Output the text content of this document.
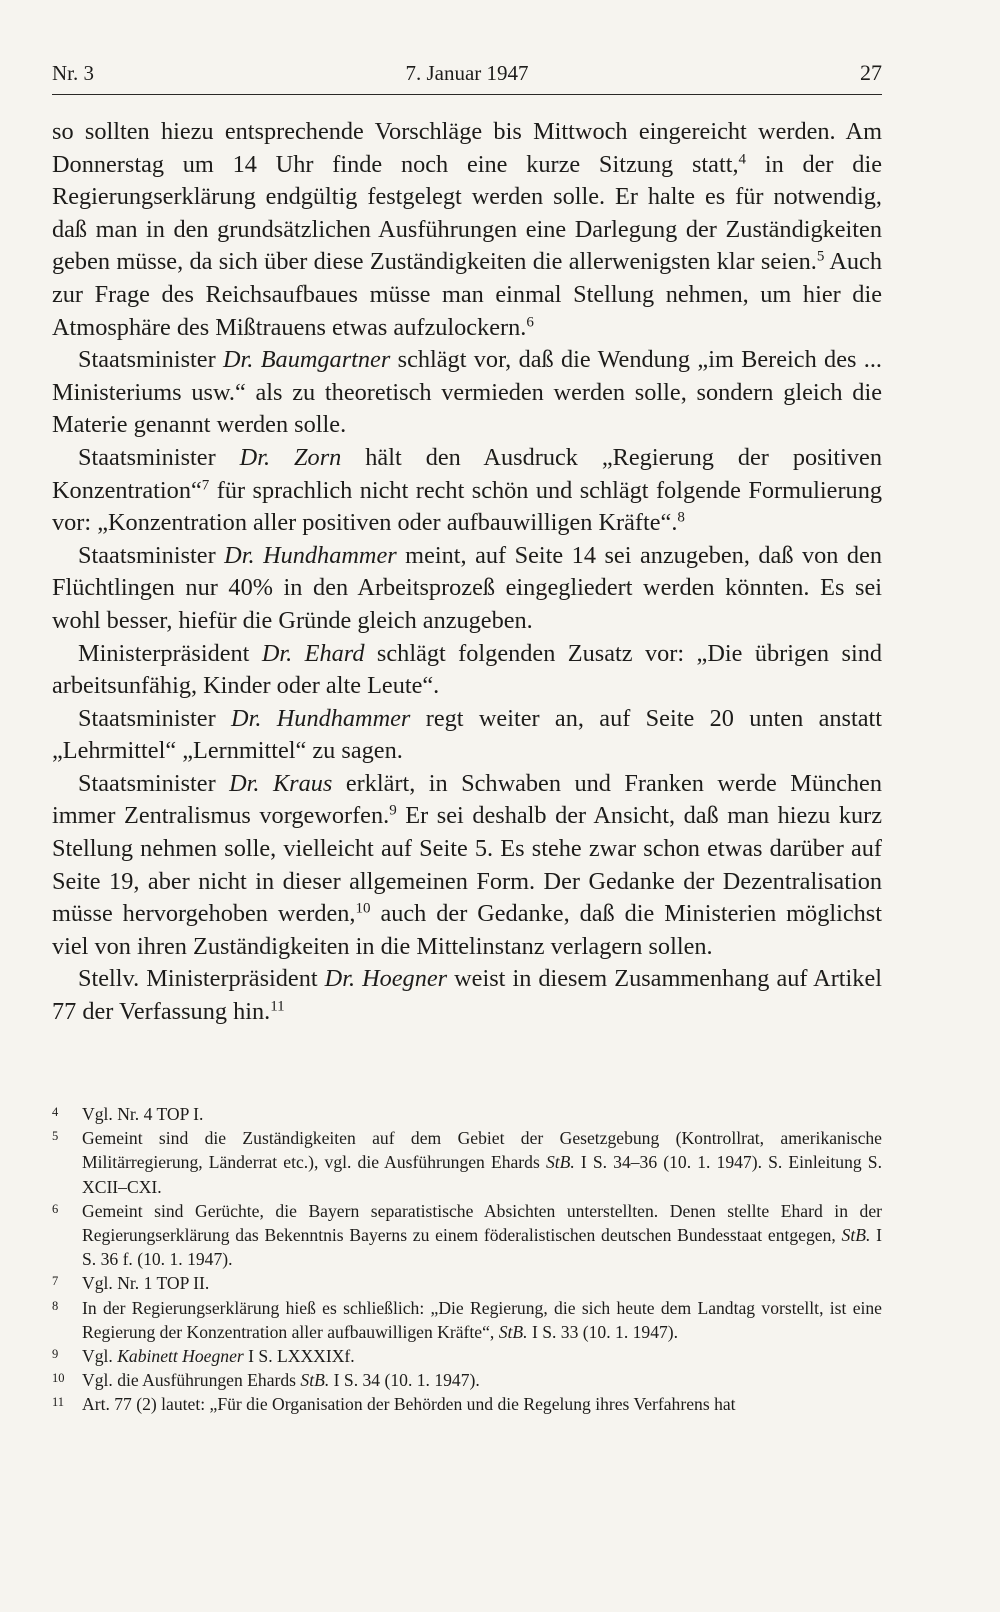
Nr. 3	7. Januar 1947	27

so sollten hiezu entsprechende Vorschläge bis Mittwoch eingereicht werden. Am Donnerstag um 14 Uhr finde noch eine kurze Sitzung statt,$^4$ in der die Regierungserklärung endgültig festgelegt werden solle. Er halte es für notwendig, daß man in den grundsätzlichen Ausführungen eine Darlegung der Zuständigkeiten geben müsse, da sich über diese Zuständigkeiten die allerwenigsten klar seien.$^5$ Auch zur Frage des Reichsaufbaues müsse man einmal Stellung nehmen, um hier die Atmosphäre des Mißtrauens etwas aufzulockern.$^6$

Staatsminister Dr. Baumgartner schlägt vor, daß die Wendung „im Bereich des ... Ministeriums usw.“ als zu theoretisch vermieden werden solle, sondern gleich die Materie genannt werden solle.

Staatsminister Dr. Zorn hält den Ausdruck „Regierung der positiven Konzentration“$^7$ für sprachlich nicht recht schön und schlägt folgende Formulierung vor: „Konzentration aller positiven oder aufbauwilligen Kräfte“.$^8$

Staatsminister Dr. Hundhammer meint, auf Seite 14 sei anzugeben, daß von den Flüchtlingen nur 40% in den Arbeitsprozeß eingegliedert werden könnten. Es sei wohl besser, hiefür die Gründe gleich anzugeben.

Ministerpräsident Dr. Ehard schlägt folgenden Zusatz vor: „Die übrigen sind arbeitsunfähig, Kinder oder alte Leute“.

Staatsminister Dr. Hundhammer regt weiter an, auf Seite 20 unten anstatt „Lehrmittel“ „Lernmittel“ zu sagen.

Staatsminister Dr. Kraus erklärt, in Schwaben und Franken werde München immer Zentralismus vorgeworfen.$^9$ Er sei deshalb der Ansicht, daß man hiezu kurz Stellung nehmen solle, vielleicht auf Seite 5. Es stehe zwar schon etwas darüber auf Seite 19, aber nicht in dieser allgemeinen Form. Der Gedanke der Dezentralisation müsse hervorgehoben werden,$^{10}$ auch der Gedanke, daß die Ministerien möglichst viel von ihren Zuständigkeiten in die Mittelinstanz verlagern sollen.

Stellv. Ministerpräsident Dr. Hoegner weist in diesem Zusammenhang auf Artikel 77 der Verfassung hin.$^{11}$

4	Vgl. Nr. 4 TOP I.

5	Gemeint sind die Zuständigkeiten auf dem Gebiet der Gesetzgebung (Kontrollrat, amerikanische Militärregierung, Länderrat etc.), vgl. die Ausführungen Ehards StB. I S. 34–36 (10. 1. 1947). S. Einleitung S. XCII–CXI.

6	Gemeint sind Gerüchte, die Bayern separatistische Absichten unterstellten. Denen stellte Ehard in der Regierungserklärung das Bekenntnis Bayerns zu einem föderalistischen deutschen Bundesstaat entgegen, StB. I S. 36 f. (10. 1. 1947).

7	Vgl. Nr. 1 TOP II.

8	In der Regierungserklärung hieß es schließlich: „Die Regierung, die sich heute dem Landtag vorstellt, ist eine Regierung der Konzentration aller aufbauwilligen Kräfte“, StB. I S. 33 (10. 1. 1947).

9	Vgl. Kabinett Hoegner I S. LXXXIXf.

10 Vgl. die Ausführungen Ehards StB. I S. 34 (10. 1. 1947).

11	Art. 77 (2) lautet: „Für die Organisation der Behörden und die Regelung ihres Verfahrens hat
